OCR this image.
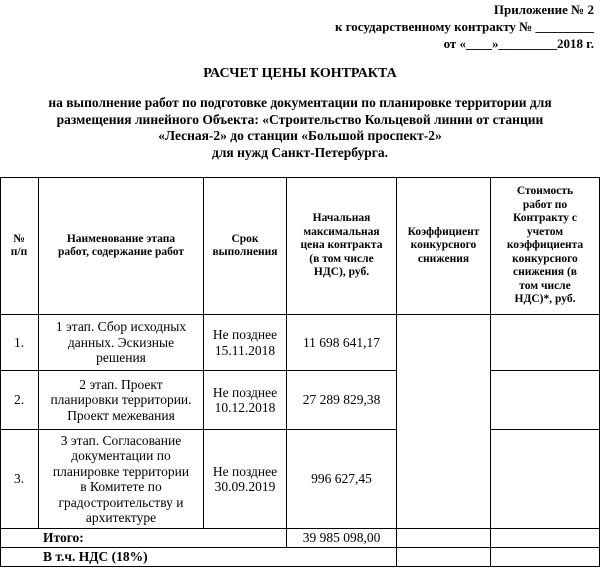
Приложение № 2
к государственному контракту № _________
от «____»_________2018 г.
РАСЧЕТ ЦЕНЫ КОНТРАКТА
на выполнение работ по подготовке документации по планировке территории для
размещения линейного Объекта: «Строительство Кольцевой линии от станции
«Лесная-2» до станции «Большой проспект-2»
для нужд Санкт-Петербурга.
№
п/п
Наименование этапа
работ, содержание работ
Срок
выполнения
Начальная
максимальная
цена контракта
(в том числе
НДС), руб.
Коэффициент
конкурсного
снижения
Стоимость
работ по
Контракту с
учетом
коэффициента
конкурсного
снижения (в
том числе
НДС)*, руб.
1.
1 этап. Сбор исходных
данных. Эскизные
решения
Не позднее
15.11.2018
11 698 641,17
2.
2 этап. Проект
планировки территории.
Проект межевания
Не позднее
10.12.2018
27 289 829,38
3.
3 этап. Согласование
документации по
планировке территории
в Комитете по
градостроительству и
архитектуре
Не позднее
30.09.2019
996 627,45
Итого:	39 985 098,00
В т.ч. НДС (18%)
